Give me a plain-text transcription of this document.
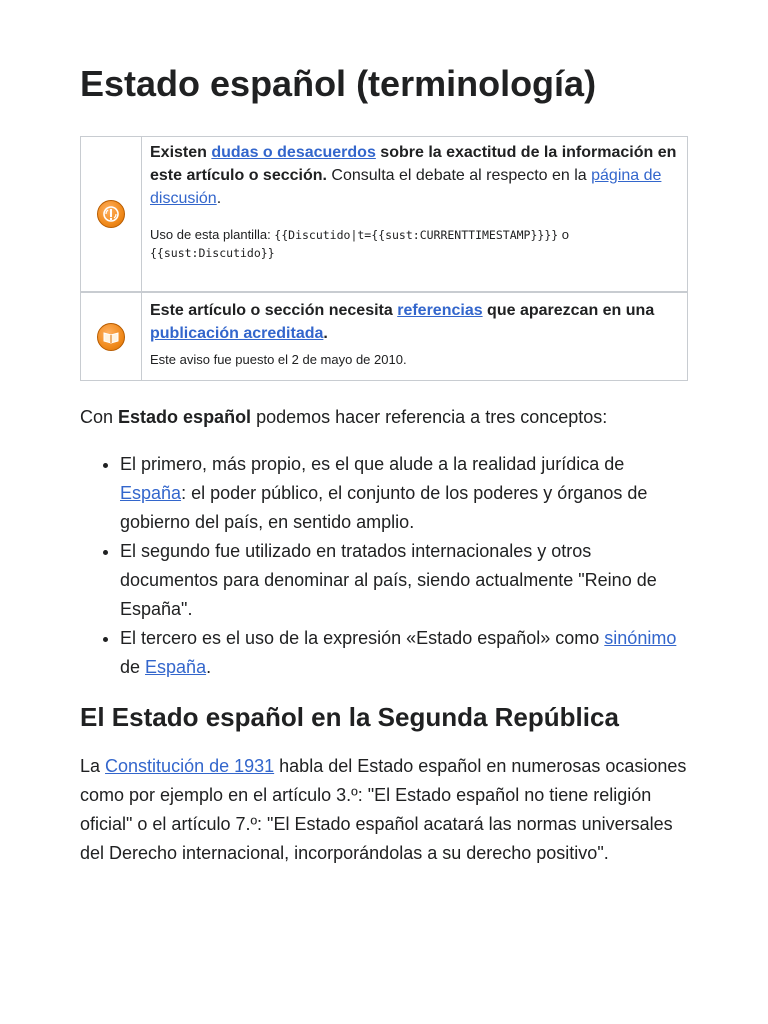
Estado español (terminología)
Existen dudas o desacuerdos sobre la exactitud de la información en este artículo o sección. Consulta el debate al respecto en la página de discusión.
Uso de esta plantilla: {{Discutido|t={{sust:CURRENTTIMESTAMP}}}} o {{sust:Discutido}}
Este artículo o sección necesita referencias que aparezcan en una publicación acreditada.
Este aviso fue puesto el 2 de mayo de 2010.

Con Estado español podemos hacer referencia a tres conceptos:

• El primero, más propio, es el que alude a la realidad jurídica de España: el poder público, el conjunto de los poderes y órganos de gobierno del país, en sentido amplio.
• El segundo fue utilizado en tratados internacionales y otros documentos para denominar al país, siendo actualmente "Reino de España".
• El tercero es el uso de la expresión «Estado español» como sinónimo de España.
El Estado español en la Segunda República

La Constitución de 1931 habla del Estado español en numerosas ocasiones como por ejemplo en el artículo 3.º: "El Estado español no tiene religión oficial" o el artículo 7.º: "El Estado español acatará las normas universales del Derecho internacional, incorporándolas a su derecho positivo".
